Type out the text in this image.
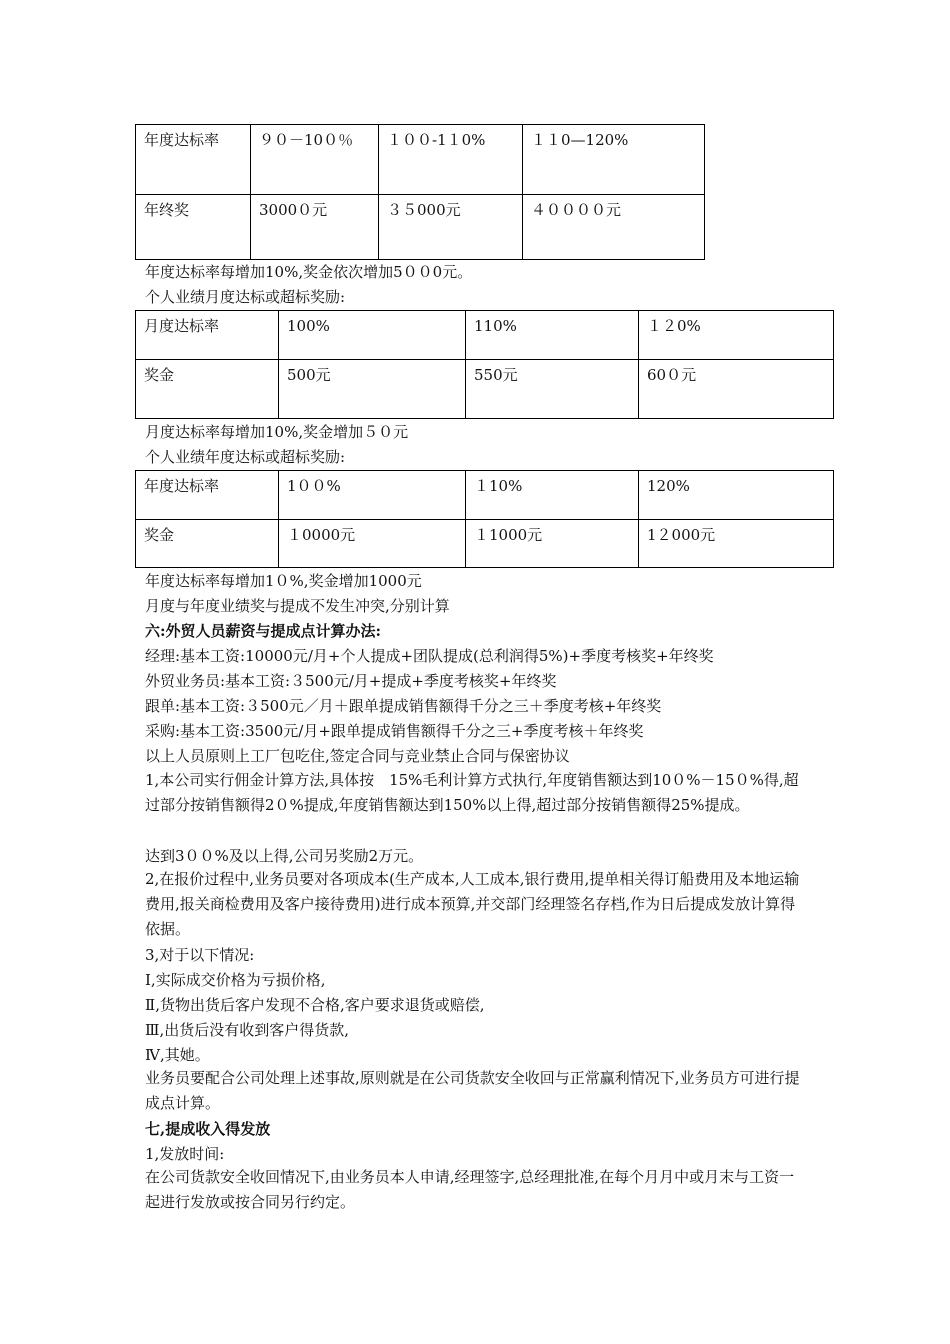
年度达标率	９０－10０％	１００-1１0%	１１0—120%
年终奖	3000０元	３５000元	４００００元
年度达标率每增加10%,奖金依次增加5００0元。
个人业绩月度达标或超标奖励:
月度达标率	100%	110%	１２0%
奖金	500元	550元	60０元
月度达标率每增加10%,奖金增加５０元
个人业绩年度达标或超标奖励:
年度达标率	1００%	１10%	120%
奖金	１0000元	１1000元	1２000元
年度达标率每增加1０%,奖金增加1000元
月度与年度业绩奖与提成不发生冲突,分别计算
六:外贸人员薪资与提成点计算办法:
经理:基本工资:10000元/月+个人提成+团队提成(总利润得5%)+季度考核奖+年终奖
外贸业务员:基本工资:３500元/月+提成+季度考核奖+年终奖
跟单:基本工资:３500元／月＋跟单提成销售额得千分之三＋季度考核+年终奖
采购:基本工资:3500元/月+跟单提成销售额得千分之三+季度考核＋年终奖
以上人员原则上工厂包吃住,签定合同与竞业禁止合同与保密协议
1,本公司实行佣金计算方法,具体按　15%毛利计算方式执行,年度销售额达到10０%－15０%得,超过部分按销售额得2０%提成,年度销售额达到150%以上得,超过部分按销售额得25%提成。
达到3００%及以上得,公司另奖励2万元。
2,在报价过程中,业务员要对各项成本(生产成本,人工成本,银行费用,提单相关得订船费用及本地运输费用,报关商检费用及客户接待费用)进行成本预算,并交部门经理签名存档,作为日后提成发放计算得依据。
3,对于以下情况:
Ⅰ,实际成交价格为亏损价格,
Ⅱ,货物出货后客户发现不合格,客户要求退货或赔偿,
Ⅲ,出货后没有收到客户得货款,
Ⅳ,其她。
业务员要配合公司处理上述事故,原则就是在公司货款安全收回与正常赢利情况下,业务员方可进行提成点计算。
七,提成收入得发放
1,发放时间:
在公司货款安全收回情况下,由业务员本人申请,经理签字,总经理批准,在每个月月中或月末与工资一起进行发放或按合同另行约定。
